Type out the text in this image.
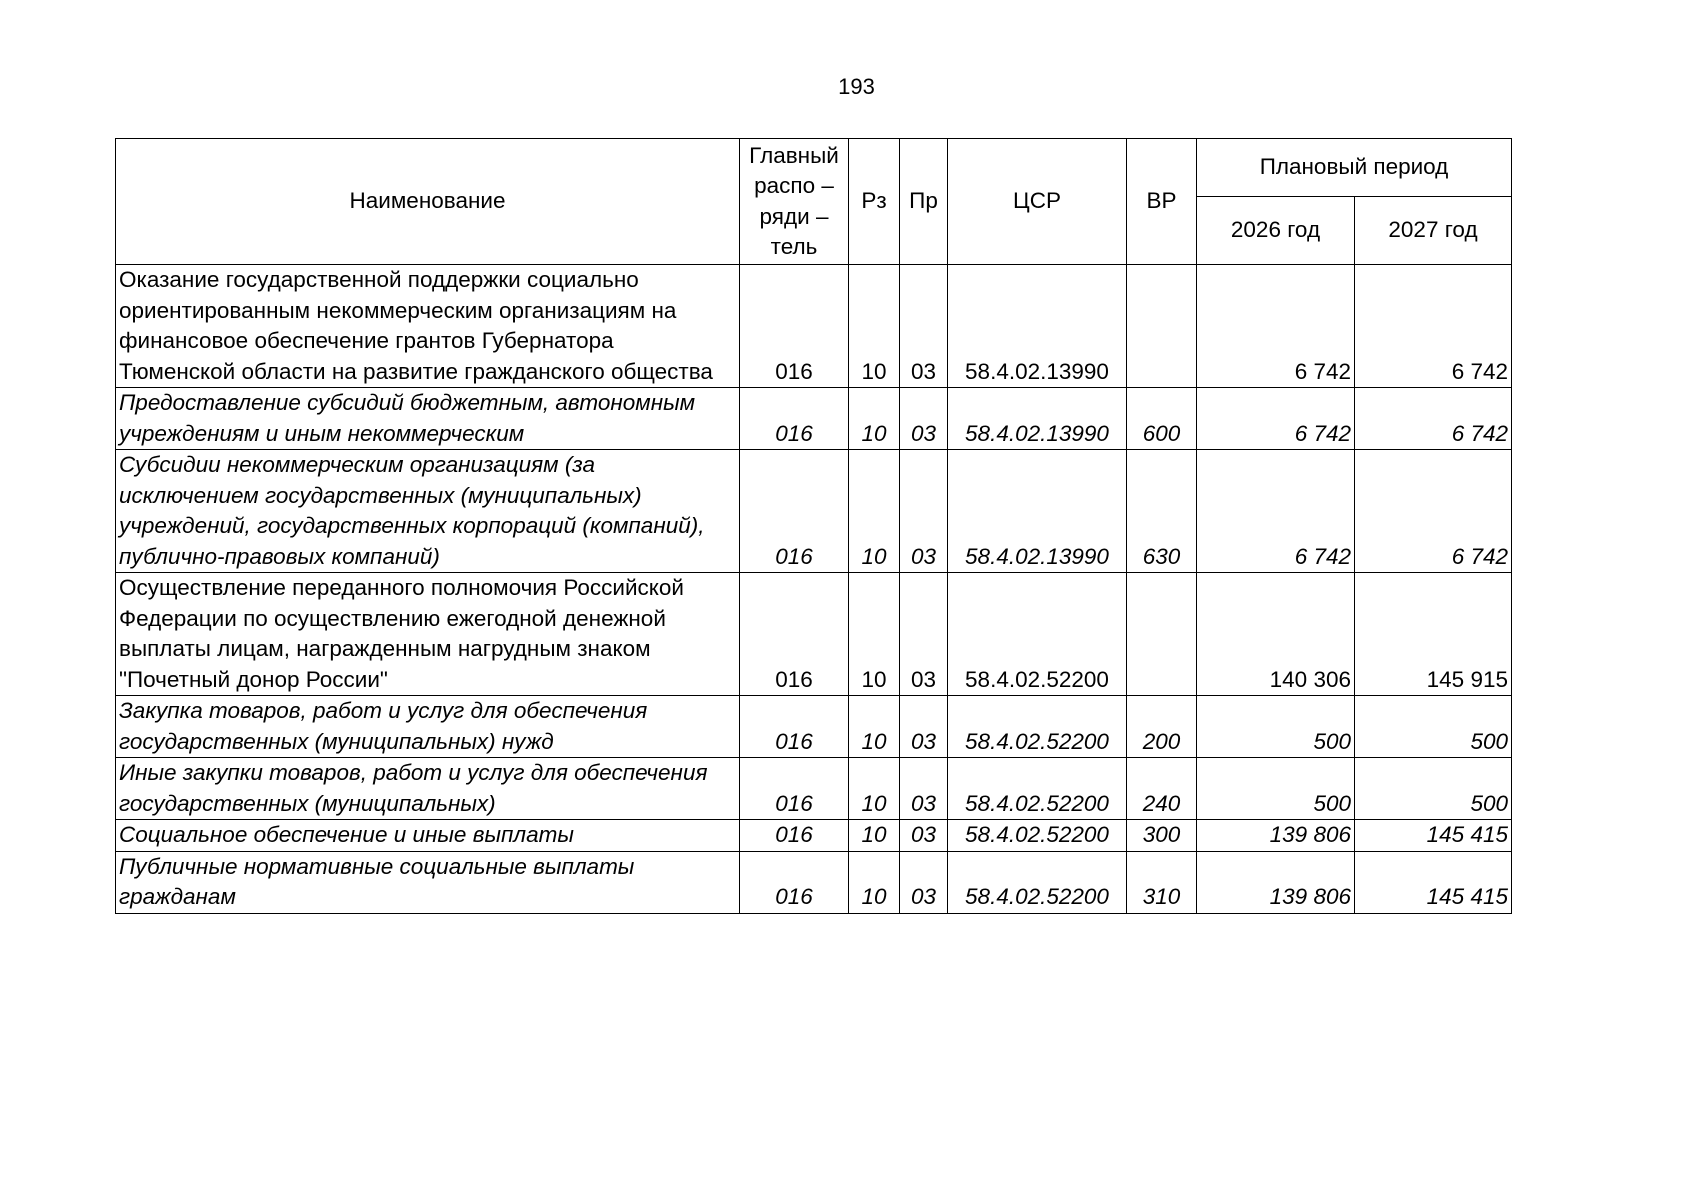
193
Наименование	Главный распо – ряди – тель	Рз	Пр	ЦСР	ВР	Плановый период	
						2026 год	2027 год
Оказание государственной поддержки социально ориентированным некоммерческим организациям на финансовое обеспечение грантов Губернатора Тюменской области на развитие гражданского общества	016	10	03	58.4.02.13990		6 742	6 742
Предоставление субсидий бюджетным, автономным учреждениям и иным некоммерческим	016	10	03	58.4.02.13990	600	6 742	6 742
Субсидии некоммерческим организациям (за исключением государственных (муниципальных) учреждений, государственных корпораций (компаний), публично-правовых компаний)	016	10	03	58.4.02.13990	630	6 742	6 742
Осуществление переданного полномочия Российской Федерации по осуществлению ежегодной денежной выплаты лицам, награжденным нагрудным знаком "Почетный донор России"	016	10	03	58.4.02.52200		140 306	145 915
Закупка товаров, работ и услуг для обеспечения государственных (муниципальных) нужд	016	10	03	58.4.02.52200	200	500	500
Иные закупки товаров, работ и услуг для обеспечения государственных (муниципальных)	016	10	03	58.4.02.52200	240	500	500
Социальное обеспечение и иные выплаты	016	10	03	58.4.02.52200	300	139 806	145 415
Публичные нормативные социальные выплаты гражданам	016	10	03	58.4.02.52200	310	139 806	145 415
